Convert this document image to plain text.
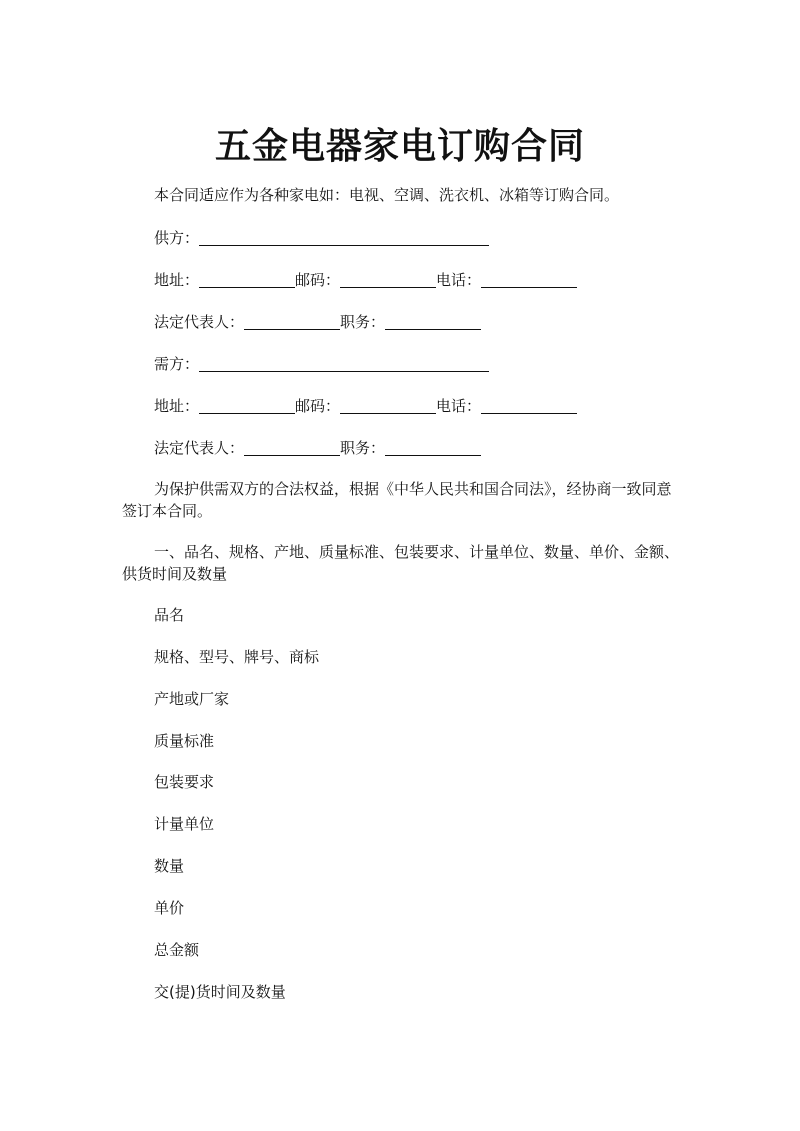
五金电器家电订购合同
本合同适应作为各种家电如：电视、空调、洗衣机、冰箱等订购合同。
供方：
地址：	邮码：	电话：
法定代表人：	职务：
需方：
地址：	邮码：	电话：
法定代表人：	职务：

为保护供需双方的合法权益，根据《中华人民共和国合同法》，经协商一致同意签订本合同。

一、品名、规格、产地、质量标准、包装要求、计量单位、数量、单价、金额、供货时间及数量

品名
规格、型号、牌号、商标
产地或厂家
质量标准
包装要求
计量单位
数量
单价
总金额
交(提)货时间及数量
